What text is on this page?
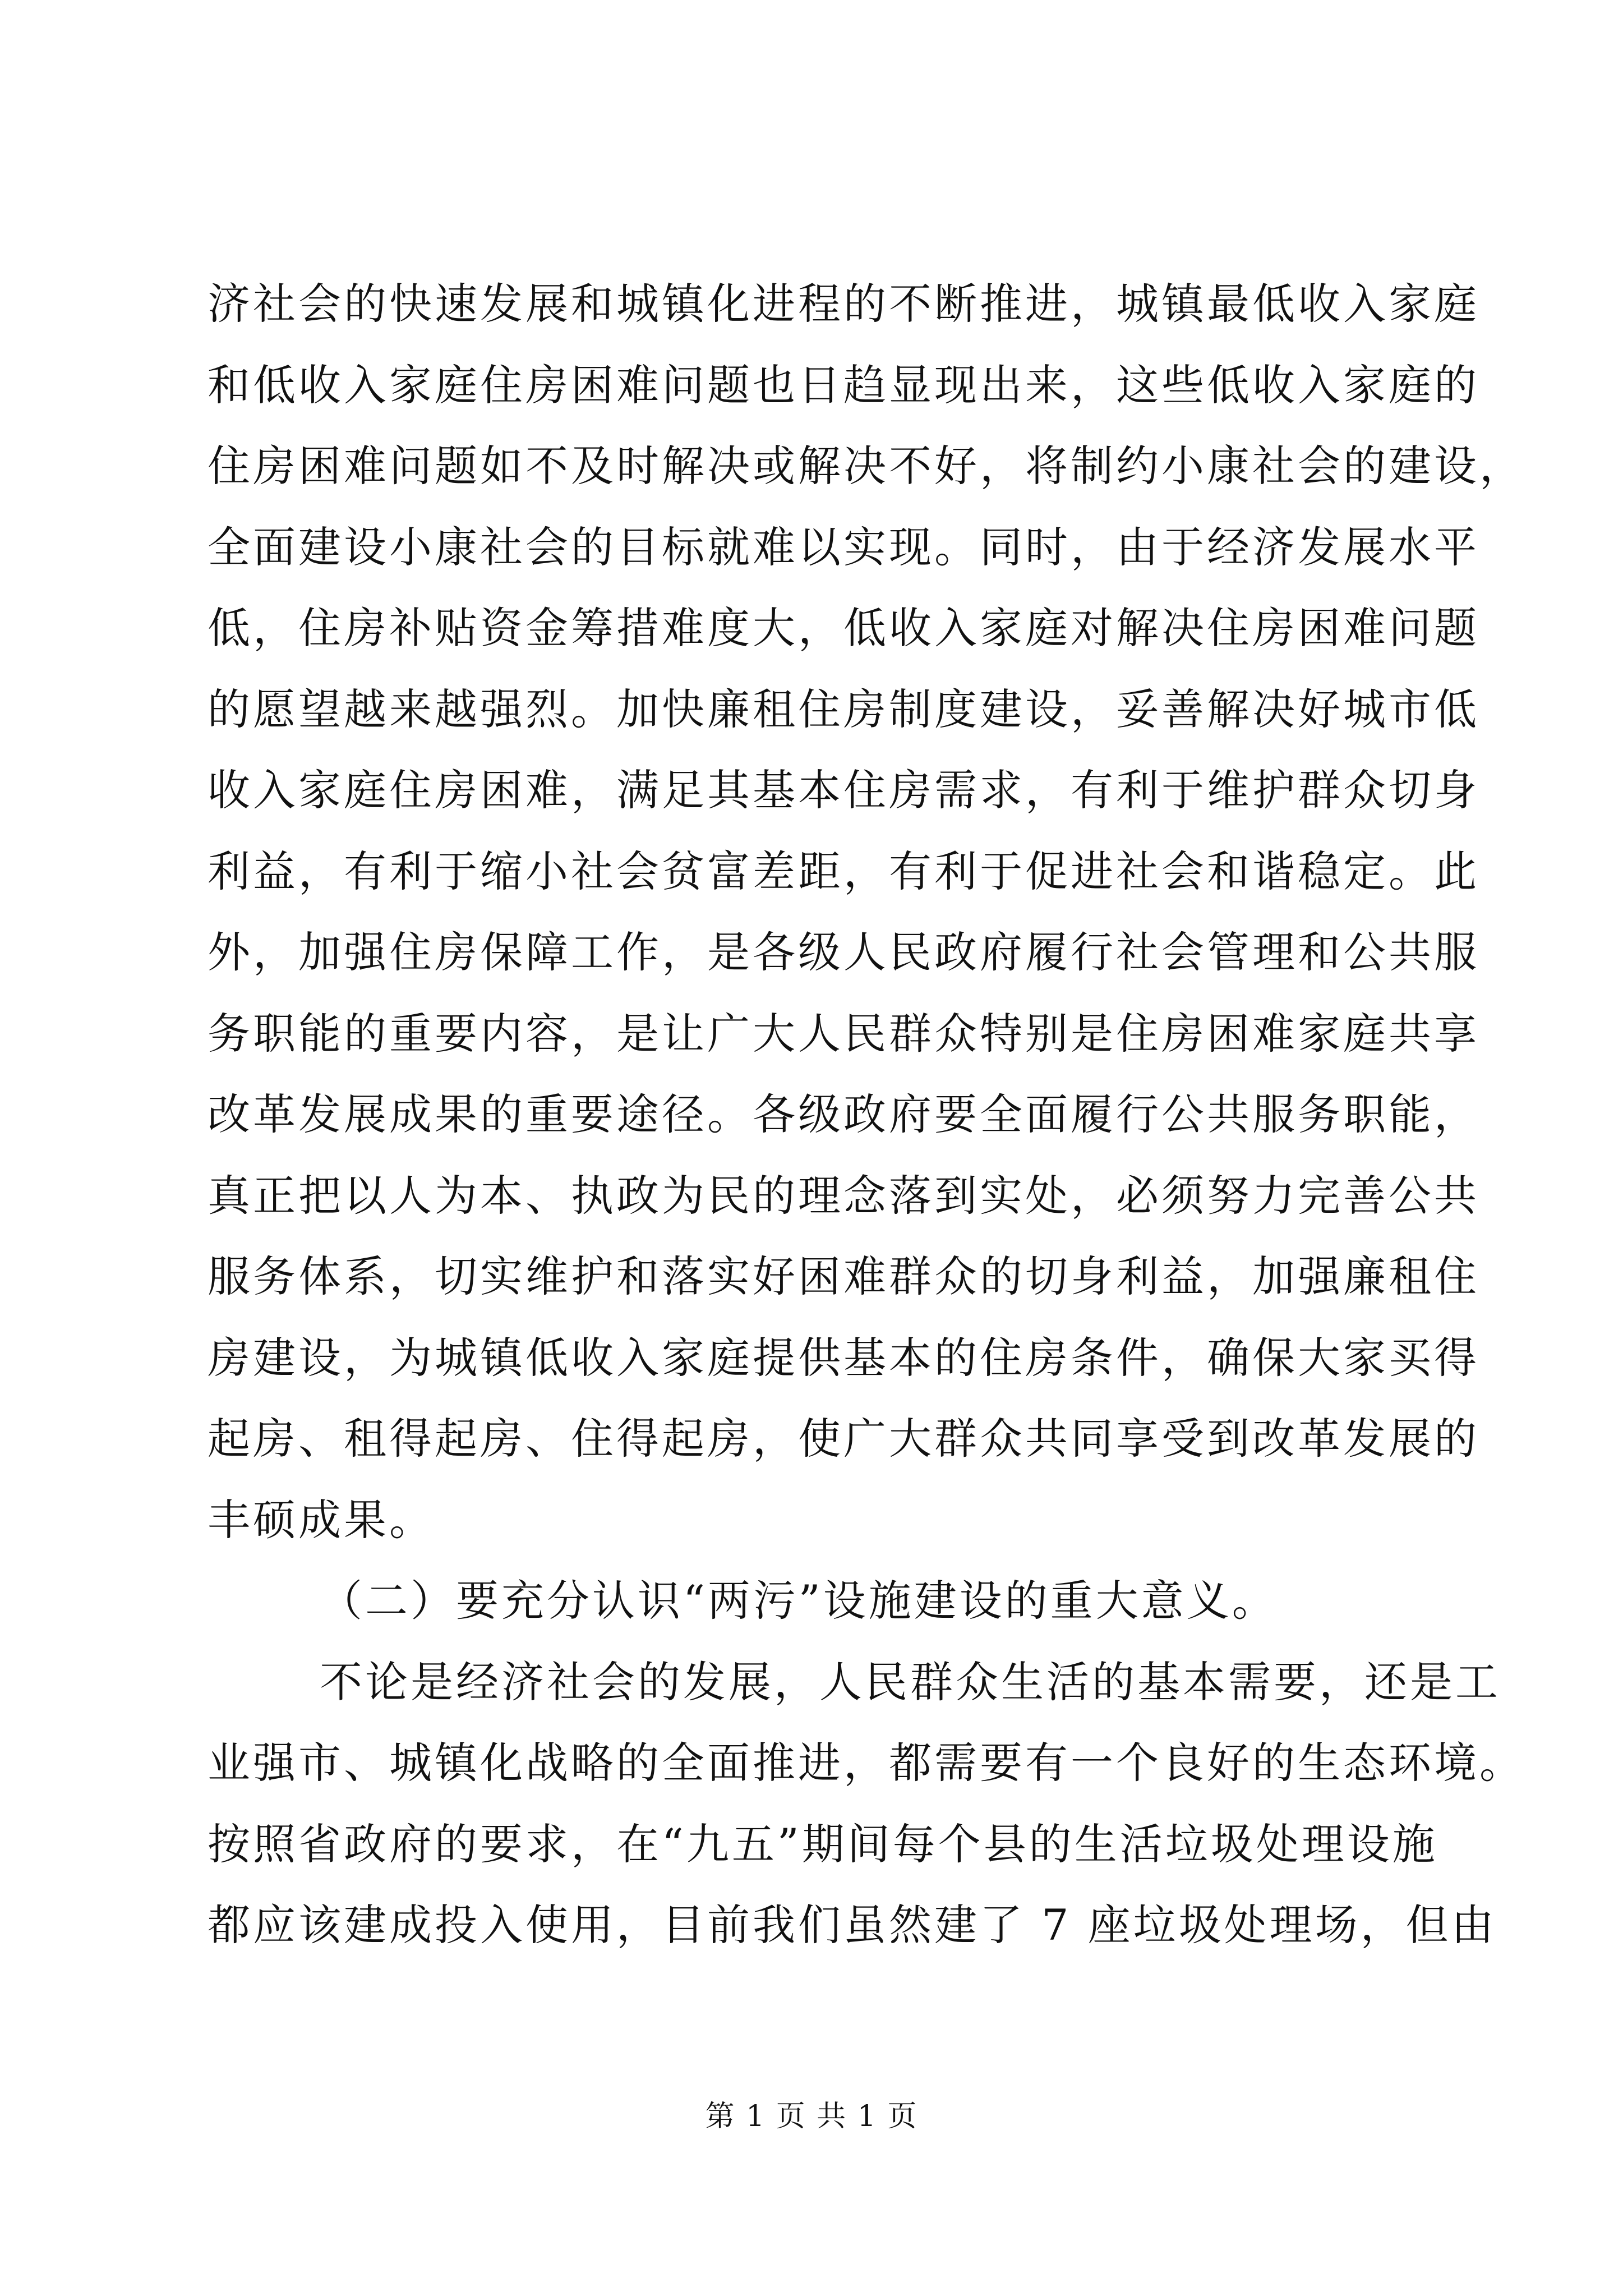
济社会的快速发展和城镇化进程的不断推进，城镇最低收入家庭
和低收入家庭住房困难问题也日趋显现出来，这些低收入家庭的
住房困难问题如不及时解决或解决不好，将制约小康社会的建设，
全面建设小康社会的目标就难以实现。同时，由于经济发展水平
低，住房补贴资金筹措难度大，低收入家庭对解决住房困难问题
的愿望越来越强烈。加快廉租住房制度建设，妥善解决好城市低
收入家庭住房困难，满足其基本住房需求，有利于维护群众切身
利益，有利于缩小社会贫富差距，有利于促进社会和谐稳定。此
外，加强住房保障工作，是各级人民政府履行社会管理和公共服
务职能的重要内容，是让广大人民群众特别是住房困难家庭共享
改革发展成果的重要途径。各级政府要全面履行公共服务职能，
真正把以人为本、执政为民的理念落到实处，必须努力完善公共
服务体系，切实维护和落实好困难群众的切身利益，加强廉租住
房建设，为城镇低收入家庭提供基本的住房条件，确保大家买得
起房、租得起房、住得起房，使广大群众共同享受到改革发展的
丰硕成果。
（二）要充分认识“两污”设施建设的重大意义。
不论是经济社会的发展，人民群众生活的基本需要，还是工
业强市、城镇化战略的全面推进，都需要有一个良好的生态环境。
按照省政府的要求，在“九五”期间每个县的生活垃圾处理设施
都应该建成投入使用，目前我们虽然建了 7 座垃圾处理场，但由
第 1 页 共 1 页
